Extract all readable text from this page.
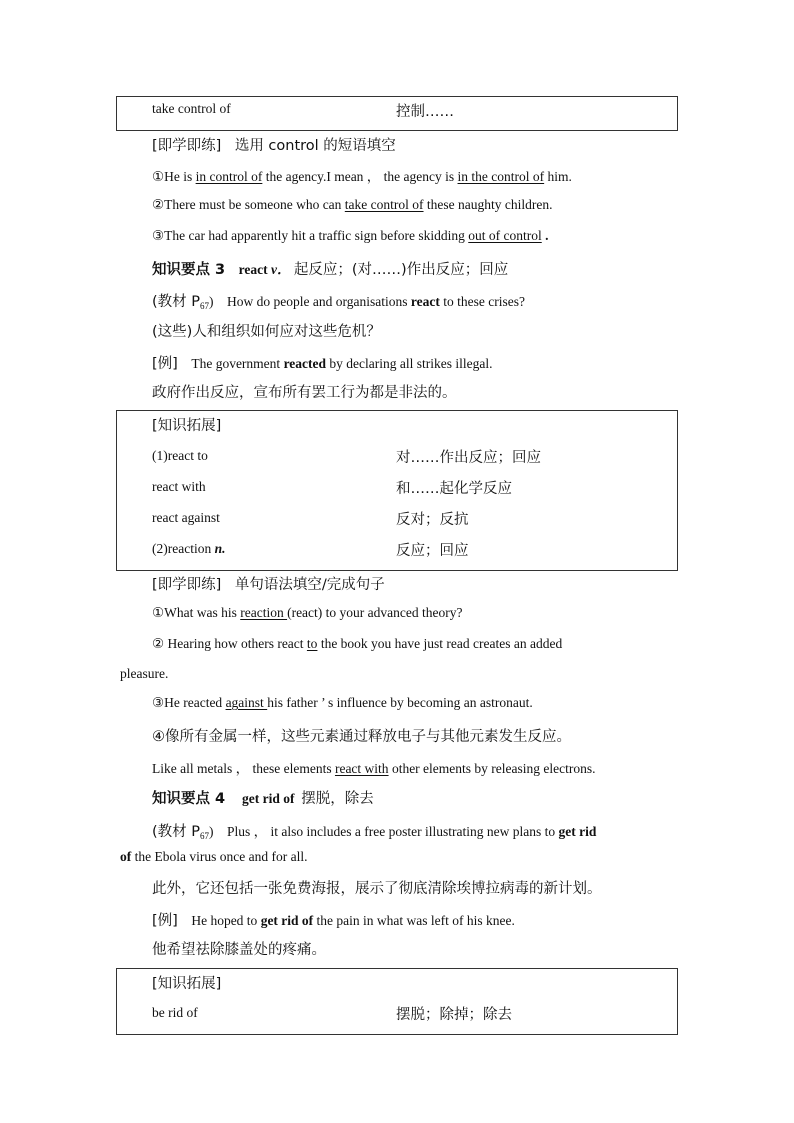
take control of	控制……
[即学即练] 选用 control 的短语填空
①He is in control of the agency.I mean ， the agency is in the control of him.
②There must be someone who can take control of these naughty children.
③The car had apparently hit a traffic sign before skidding out of control .
知识要点 3 react v． 起反应；(对……)作出反应；回应
(教材 $P_{67}$) How do people and organisations react to these crises?
(这些)人和组织如何应对这些危机？
[例] The government reacted by declaring all strikes illegal.
政府作出反应，宣布所有罢工行为都是非法的。
[知识拓展]
(1)react to	对……作出反应；回应
react with	和……起化学反应
react against	反对；反抗
(2)reaction n.	反应；回应
[即学即练] 单句语法填空/完成句子
①What was his reaction (react) to your advanced theory?
② Hearing how others react to the book you have just read creates an added
pleasure.
③He reacted against his father ’ s influence by becoming an astronaut.
④像所有金属一样，这些元素通过释放电子与其他元素发生反应。
Like all metals ， these elements react with other elements by releasing electrons.
知识要点 4 get rid of 摆脱，除去
(教材 $P_{67}$) Plus ， it also includes a free poster illustrating new plans to get rid
of the Ebola virus once and for all.
此外，它还包括一张免费海报，展示了彻底清除埃博拉病毒的新计划。
[例] He hoped to get rid of the pain in what was left of his knee.
他希望祛除膝盖处的疼痛。
[知识拓展]
be rid of	摆脱；除掉；除去
